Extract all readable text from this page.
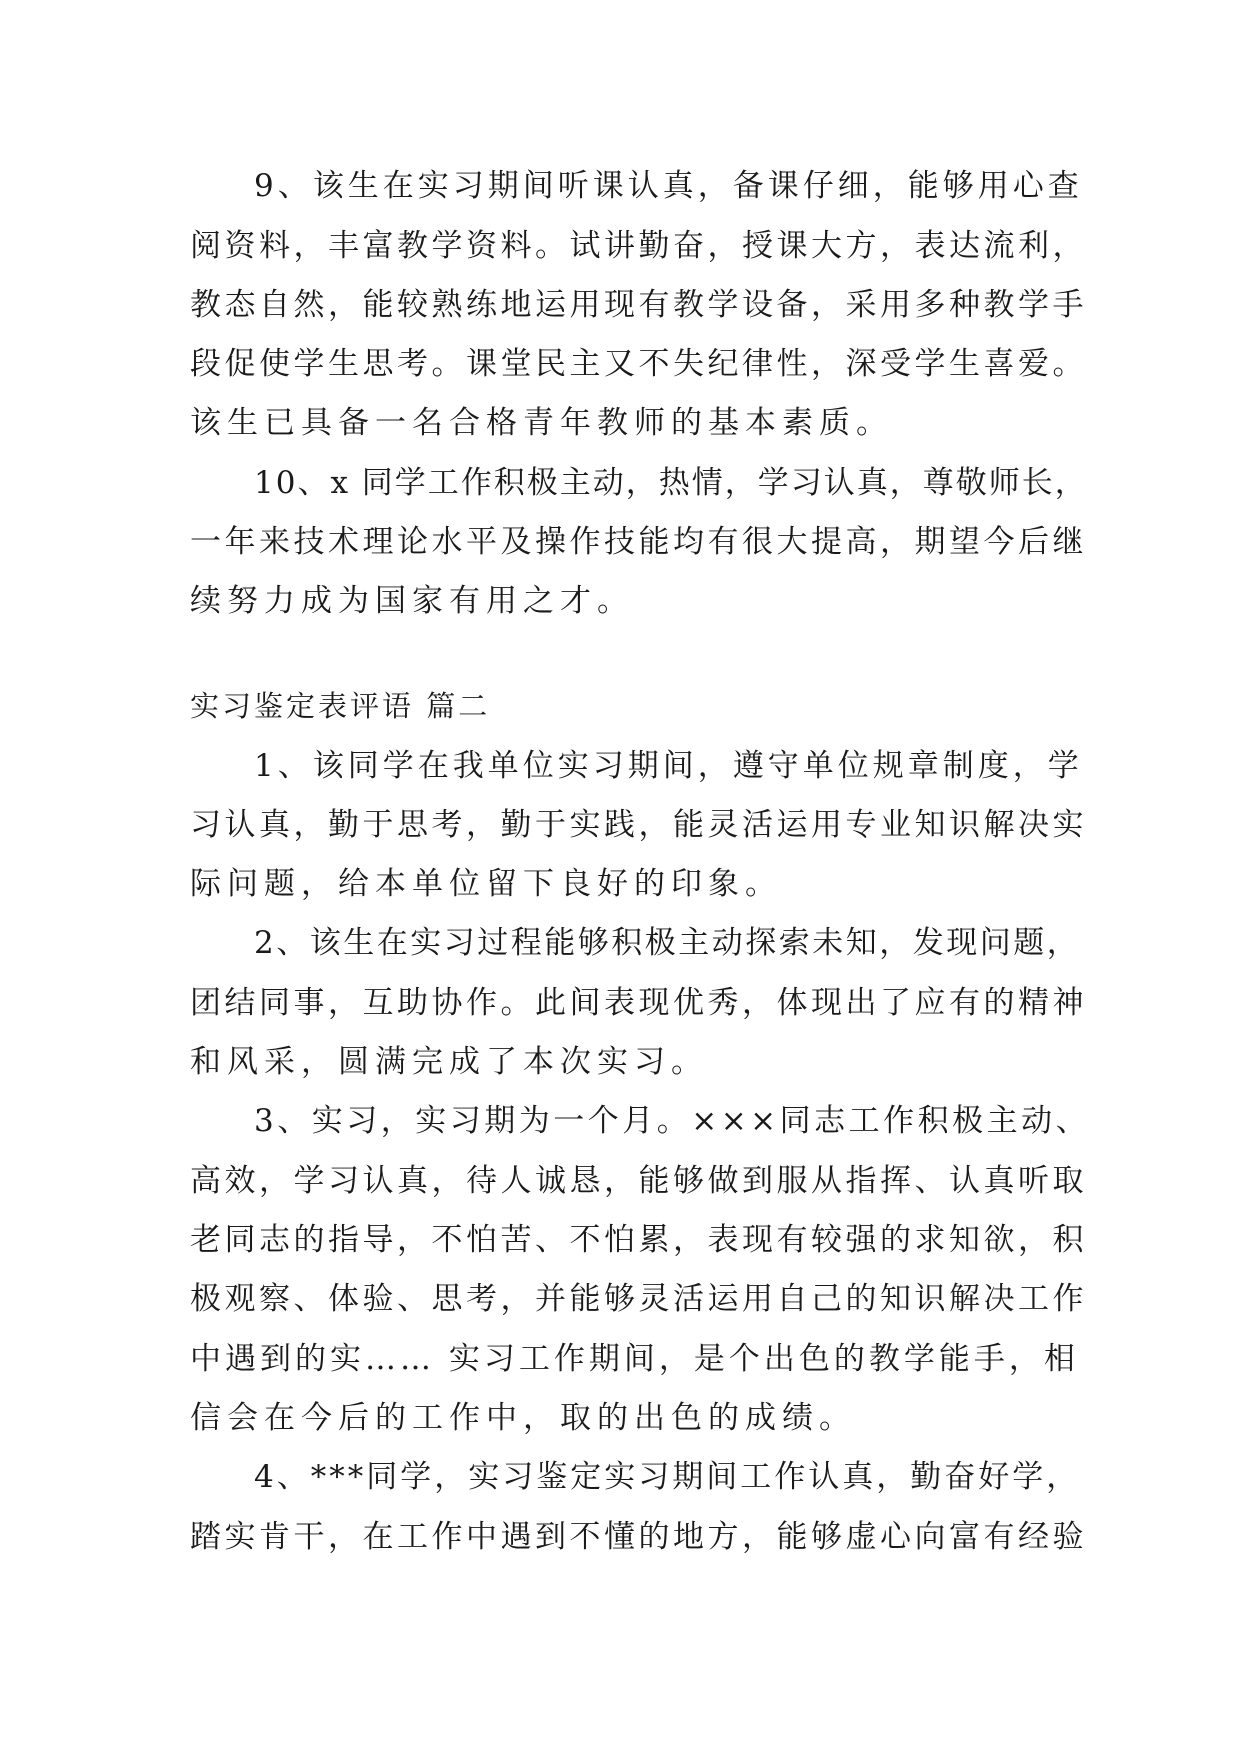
9、该生在实习期间听课认真，备课仔细，能够用心查
阅资料，丰富教学资料。试讲勤奋，授课大方，表达流利，
教态自然，能较熟练地运用现有教学设备，采用多种教学手
段促使学生思考。课堂民主又不失纪律性，深受学生喜爱。
该生已具备一名合格青年教师的基本素质。
10、x 同学工作积极主动，热情，学习认真，尊敬师长，
一年来技术理论水平及操作技能均有很大提高，期望今后继
续努力成为国家有用之才。
实习鉴定表评语 篇二
1、该同学在我单位实习期间，遵守单位规章制度，学
习认真，勤于思考，勤于实践，能灵活运用专业知识解决实
际问题，给本单位留下良好的印象。
2、该生在实习过程能够积极主动探索未知，发现问题，
团结同事，互助协作。此间表现优秀，体现出了应有的精神
和风采，圆满完成了本次实习。
3、实习，实习期为一个月。×××同志工作积极主动、
高效，学习认真，待人诚恳，能够做到服从指挥、认真听取
老同志的指导，不怕苦、不怕累，表现有较强的求知欲，积
极观察、体验、思考，并能够灵活运用自己的知识解决工作
中遇到的实…… 实习工作期间，是个出色的教学能手，相
信会在今后的工作中，取的出色的成绩。
4、***同学，实习鉴定实习期间工作认真，勤奋好学，
踏实肯干，在工作中遇到不懂的地方，能够虚心向富有经验
